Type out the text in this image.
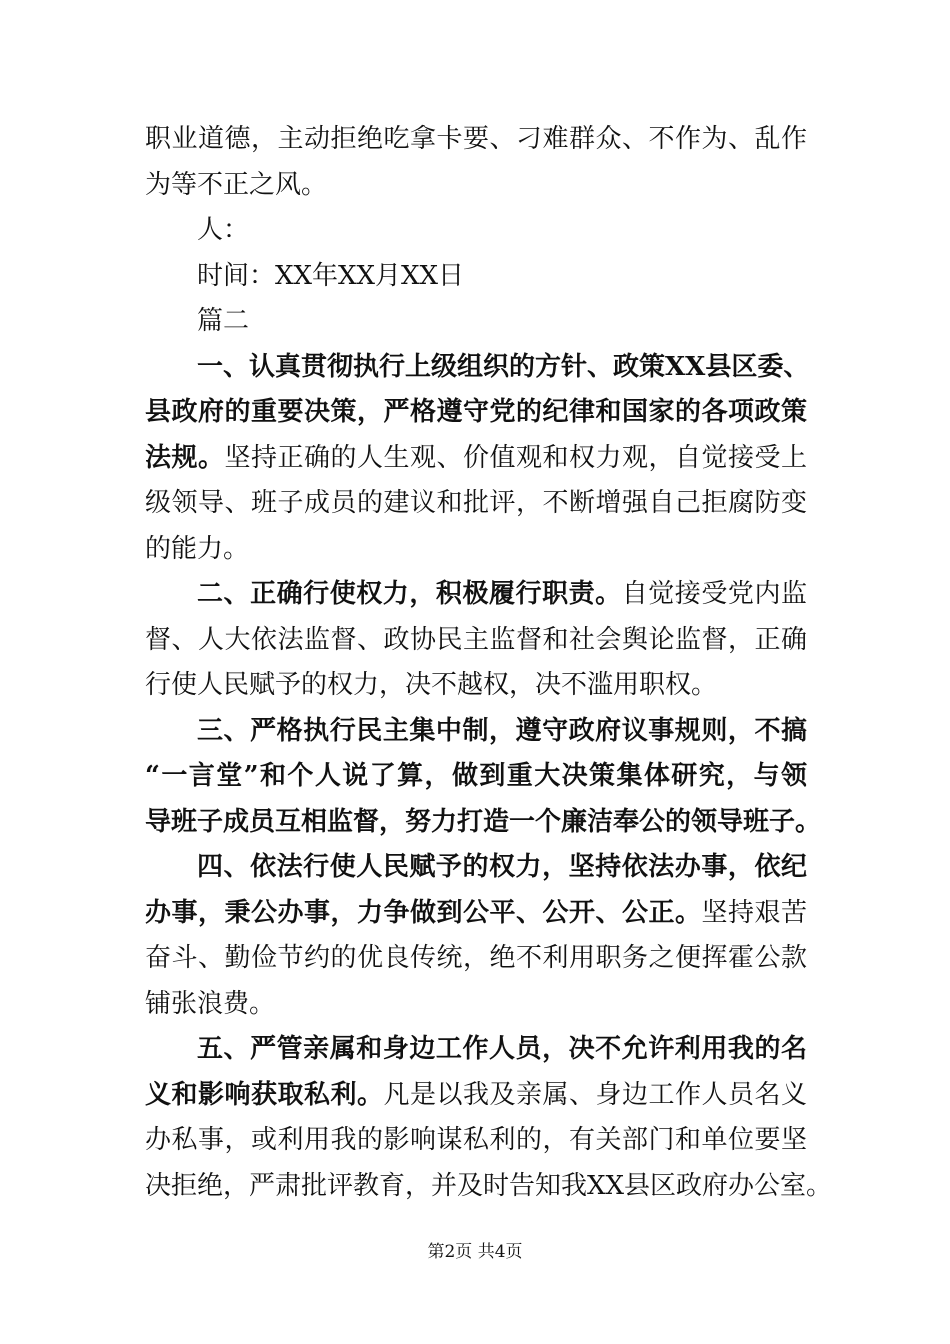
职业道德，主动拒绝吃拿卡要、刁难群众、不作为、乱作
为等不正之风。
人：
时间：XX年XX月XX日
篇二
一、认真贯彻执行上级组织的方针、政策XX县区委、
县政府的重要决策，严格遵守党的纪律和国家的各项政策
法规。坚持正确的人生观、价值观和权力观，自觉接受上
级领导、班子成员的建议和批评，不断增强自己拒腐防变
的能力。
二、正确行使权力，积极履行职责。自觉接受党内监
督、人大依法监督、政协民主监督和社会舆论监督，正确
行使人民赋予的权力，决不越权，决不滥用职权。
三、严格执行民主集中制，遵守政府议事规则，不搞
“一言堂”和个人说了算，做到重大决策集体研究，与领
导班子成员互相监督，努力打造一个廉洁奉公的领导班子。
四、依法行使人民赋予的权力，坚持依法办事，依纪
办事，秉公办事，力争做到公平、公开、公正。坚持艰苦
奋斗、勤俭节约的优良传统，绝不利用职务之便挥霍公款
铺张浪费。
五、严管亲属和身边工作人员，决不允许利用我的名
义和影响获取私利。凡是以我及亲属、身边工作人员名义
办私事，或利用我的影响谋私利的，有关部门和单位要坚
决拒绝，严肃批评教育，并及时告知我XX县区政府办公室。
第2页 共4页
